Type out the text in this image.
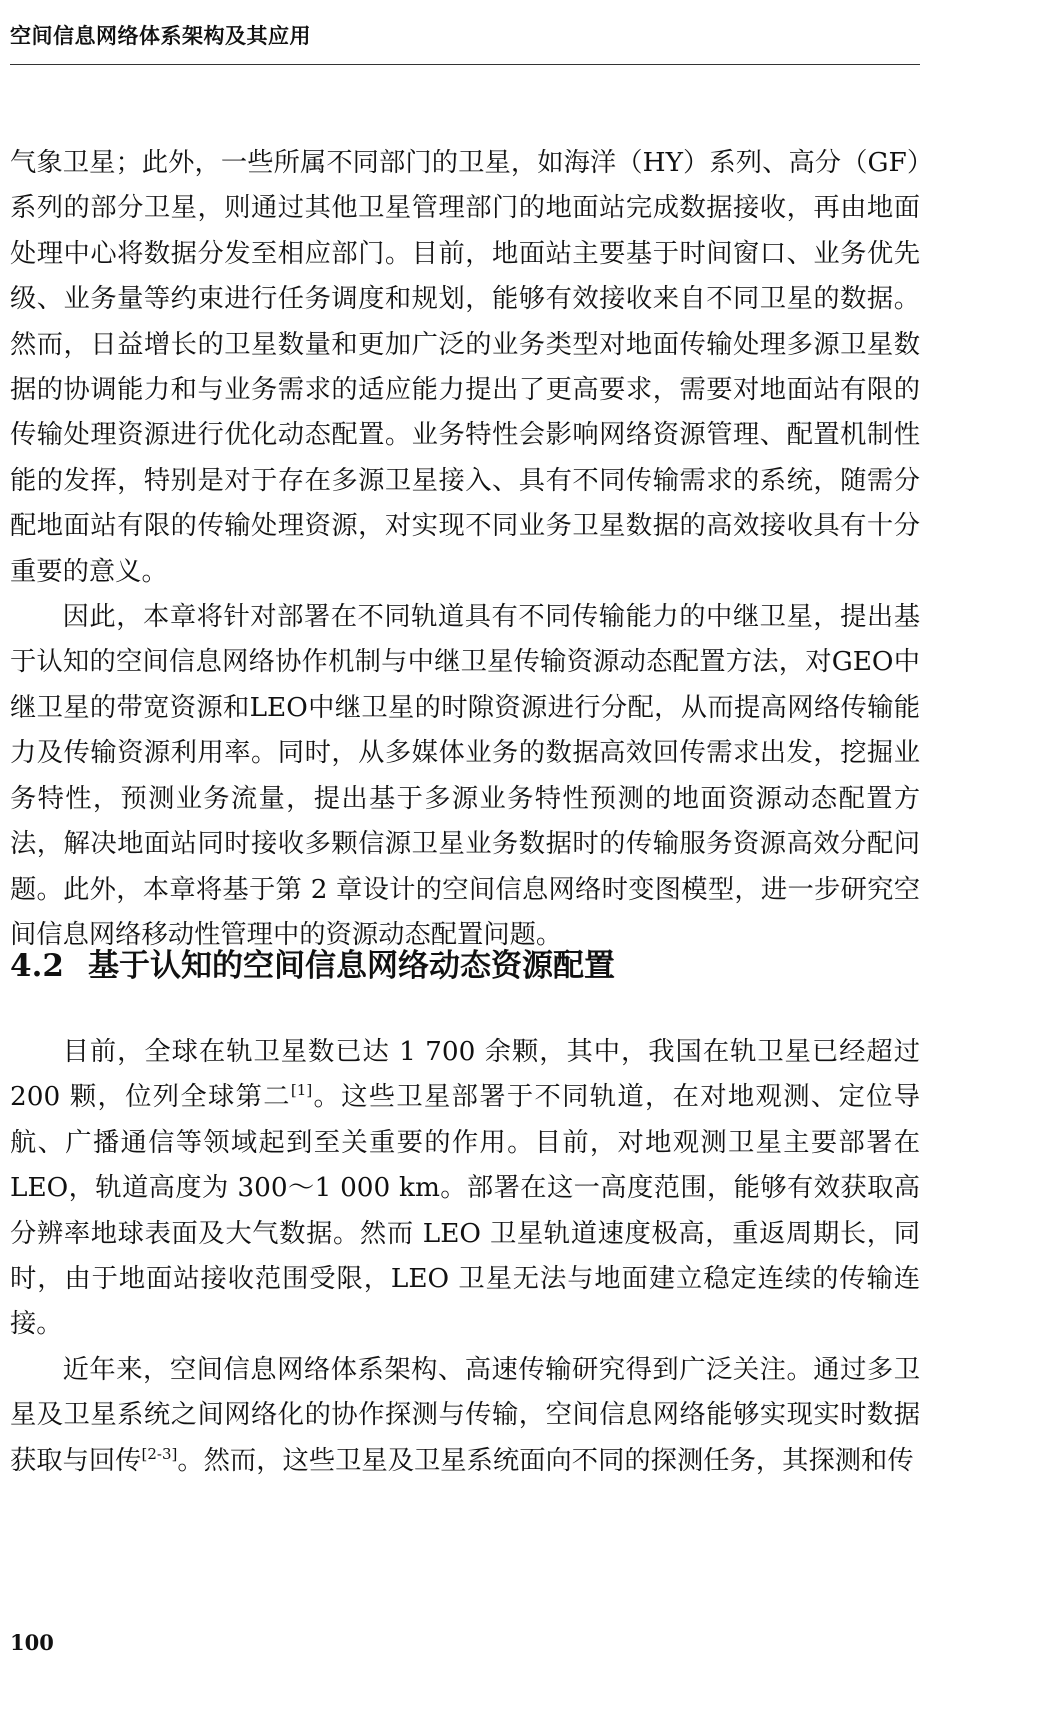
空间信息网络体系架构及其应用

气象卫星；此外，一些所属不同部门的卫星，如海洋（HY）系列、高分（GF）系列的部分卫星，则通过其他卫星管理部门的地面站完成数据接收，再由地面处理中心将数据分发至相应部门。目前，地面站主要基于时间窗口、业务优先级、业务量等约束进行任务调度和规划，能够有效接收来自不同卫星的数据。然而，日益增长的卫星数量和更加广泛的业务类型对地面传输处理多源卫星数据的协调能力和与业务需求的适应能力提出了更高要求，需要对地面站有限的传输处理资源进行优化动态配置。业务特性会影响网络资源管理、配置机制性能的发挥，特别是对于存在多源卫星接入、具有不同传输需求的系统，随需分配地面站有限的传输处理资源，对实现不同业务卫星数据的高效接收具有十分重要的意义。

因此，本章将针对部署在不同轨道具有不同传输能力的中继卫星，提出基于认知的空间信息网络协作机制与中继卫星传输资源动态配置方法，对GEO中继卫星的带宽资源和LEO中继卫星的时隙资源进行分配，从而提高网络传输能力及传输资源利用率。同时，从多媒体业务的数据高效回传需求出发，挖掘业务特性，预测业务流量，提出基于多源业务特性预测的地面资源动态配置方法，解决地面站同时接收多颗信源卫星业务数据时的传输服务资源高效分配问题。此外，本章将基于第 2 章设计的空间信息网络时变图模型，进一步研究空间信息网络移动性管理中的资源动态配置问题。

4.2 基于认知的空间信息网络动态资源配置

目前，全球在轨卫星数已达 1 700 余颗，其中，我国在轨卫星已经超过 200 颗，位列全球第二[1]。这些卫星部署于不同轨道，在对地观测、定位导航、广播通信等领域起到至关重要的作用。目前，对地观测卫星主要部署在LEO，轨道高度为 300～1 000 km。部署在这一高度范围，能够有效获取高分辨率地球表面及大气数据。然而 LEO 卫星轨道速度极高，重返周期长，同时，由于地面站接收范围受限，LEO 卫星无法与地面建立稳定连续的传输连接。

近年来，空间信息网络体系架构、高速传输研究得到广泛关注。通过多卫星及卫星系统之间网络化的协作探测与传输，空间信息网络能够实现实时数据获取与回传[2-3]。然而，这些卫星及卫星系统面向不同的探测任务，其探测和传

100
